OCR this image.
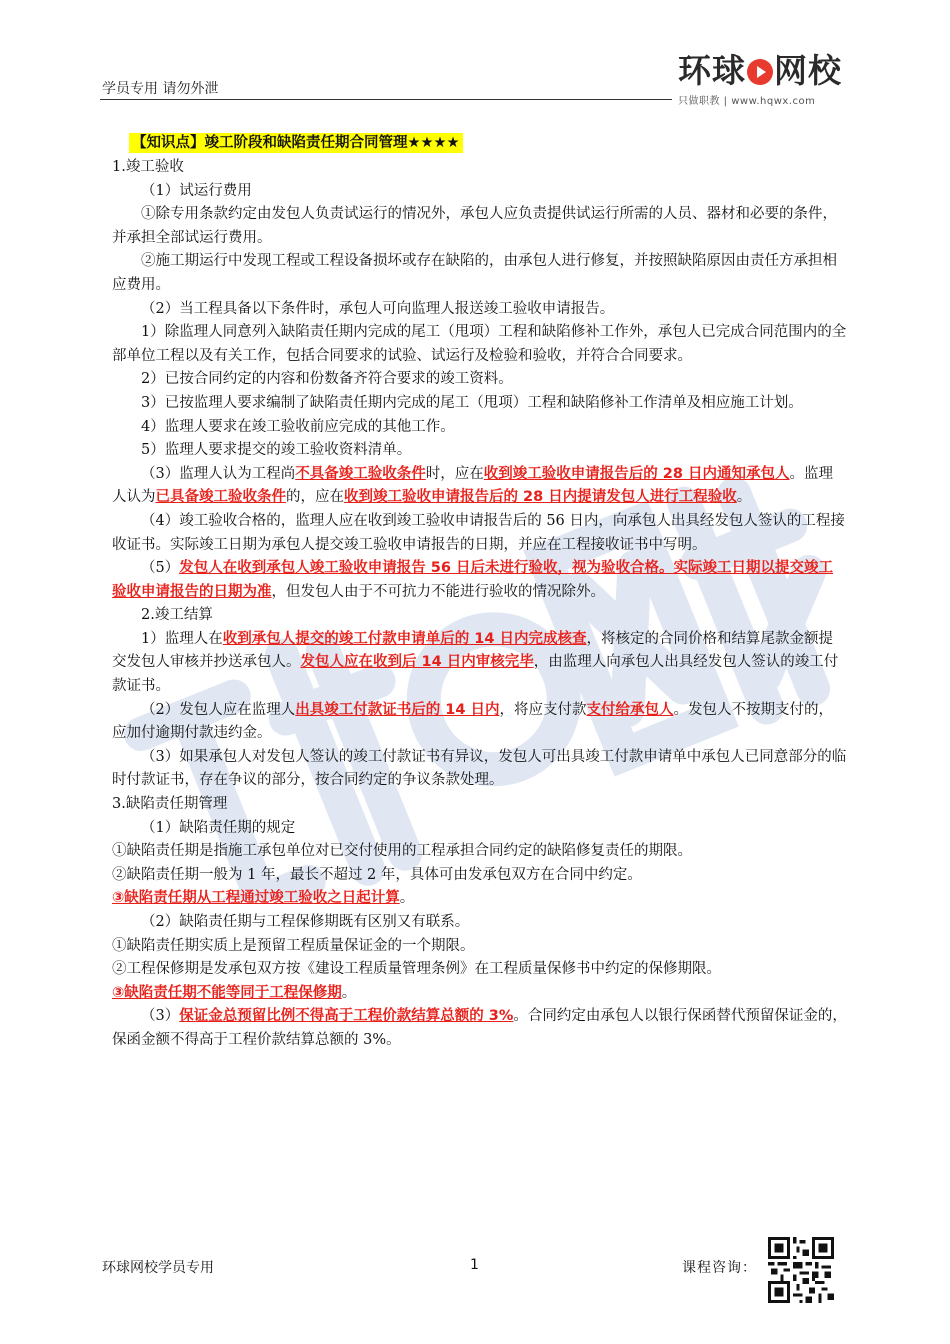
学员专用 请勿外泄	环球 网校
只做职教 | www.hqwx.com
【知识点】竣工阶段和缺陷责任期合同管理★★★★

1.竣工验收

（1）试运行费用

①除专用条款约定由发包人负责试运行的情况外，承包人应负责提供试运行所需的人员、器材和必要的条件，并承担全部试运行费用。

②施工期运行中发现工程或工程设备损坏或存在缺陷的，由承包人进行修复，并按照缺陷原因由责任方承担相应费用。

（2）当工程具备以下条件时，承包人可向监理人报送竣工验收申请报告。

1）除监理人同意列入缺陷责任期内完成的尾工（甩项）工程和缺陷修补工作外，承包人已完成合同范围内的全部单位工程以及有关工作，包括合同要求的试验、试运行及检验和验收，并符合合同要求。

2）已按合同约定的内容和份数备齐符合要求的竣工资料。

3）已按监理人要求编制了缺陷责任期内完成的尾工（甩项）工程和缺陷修补工作清单及相应施工计划。

4）监理人要求在竣工验收前应完成的其他工作。

5）监理人要求提交的竣工验收资料清单。

（3）监理人认为工程尚不具备竣工验收条件时，应在收到竣工验收申请报告后的 28 日内通知承包人。监理人认为已具备竣工验收条件的，应在收到竣工验收申请报告后的 28 日内提请发包人进行工程验收。

（4）竣工验收合格的，监理人应在收到竣工验收申请报告后的 56 日内，向承包人出具经发包人签认的工程接收证书。实际竣工日期为承包人提交竣工验收申请报告的日期，并应在工程接收证书中写明。

（5）发包人在收到承包人竣工验收申请报告 56 日后未进行验收，视为验收合格。实际竣工日期以提交竣工验收申请报告的日期为准，但发包人由于不可抗力不能进行验收的情况除外。

2.竣工结算

1）监理人在收到承包人提交的竣工付款申请单后的 14 日内完成核查，将核定的合同价格和结算尾款金额提交发包人审核并抄送承包人。发包人应在收到后 14 日内审核完毕，由监理人向承包人出具经发包人签认的竣工付款证书。

（2）发包人应在监理人出具竣工付款证书后的 14 日内，将应支付款支付给承包人。发包人不按期支付的，应加付逾期付款违约金。

（3）如果承包人对发包人签认的竣工付款证书有异议，发包人可出具竣工付款申请单中承包人已同意部分的临时付款证书，存在争议的部分，按合同约定的争议条款处理。

3.缺陷责任期管理

（1）缺陷责任期的规定

①缺陷责任期是指施工承包单位对已交付使用的工程承担合同约定的缺陷修复责任的期限。

②缺陷责任期一般为 1 年，最长不超过 2 年，具体可由发承包双方在合同中约定。

③缺陷责任期从工程通过竣工验收之日起计算。

（2）缺陷责任期与工程保修期既有区别又有联系。

①缺陷责任期实质上是预留工程质量保证金的一个期限。

②工程保修期是发承包双方按《建设工程质量管理条例》在工程质量保修书中约定的保修期限。

③缺陷责任期不能等同于工程保修期。

（3）保证金总预留比例不得高于工程价款结算总额的 3%。合同约定由承包人以银行保函替代预留保证金的，保函金额不得高于工程价款结算总额的 3%。

环球网校学员专用	1	课程咨询：
